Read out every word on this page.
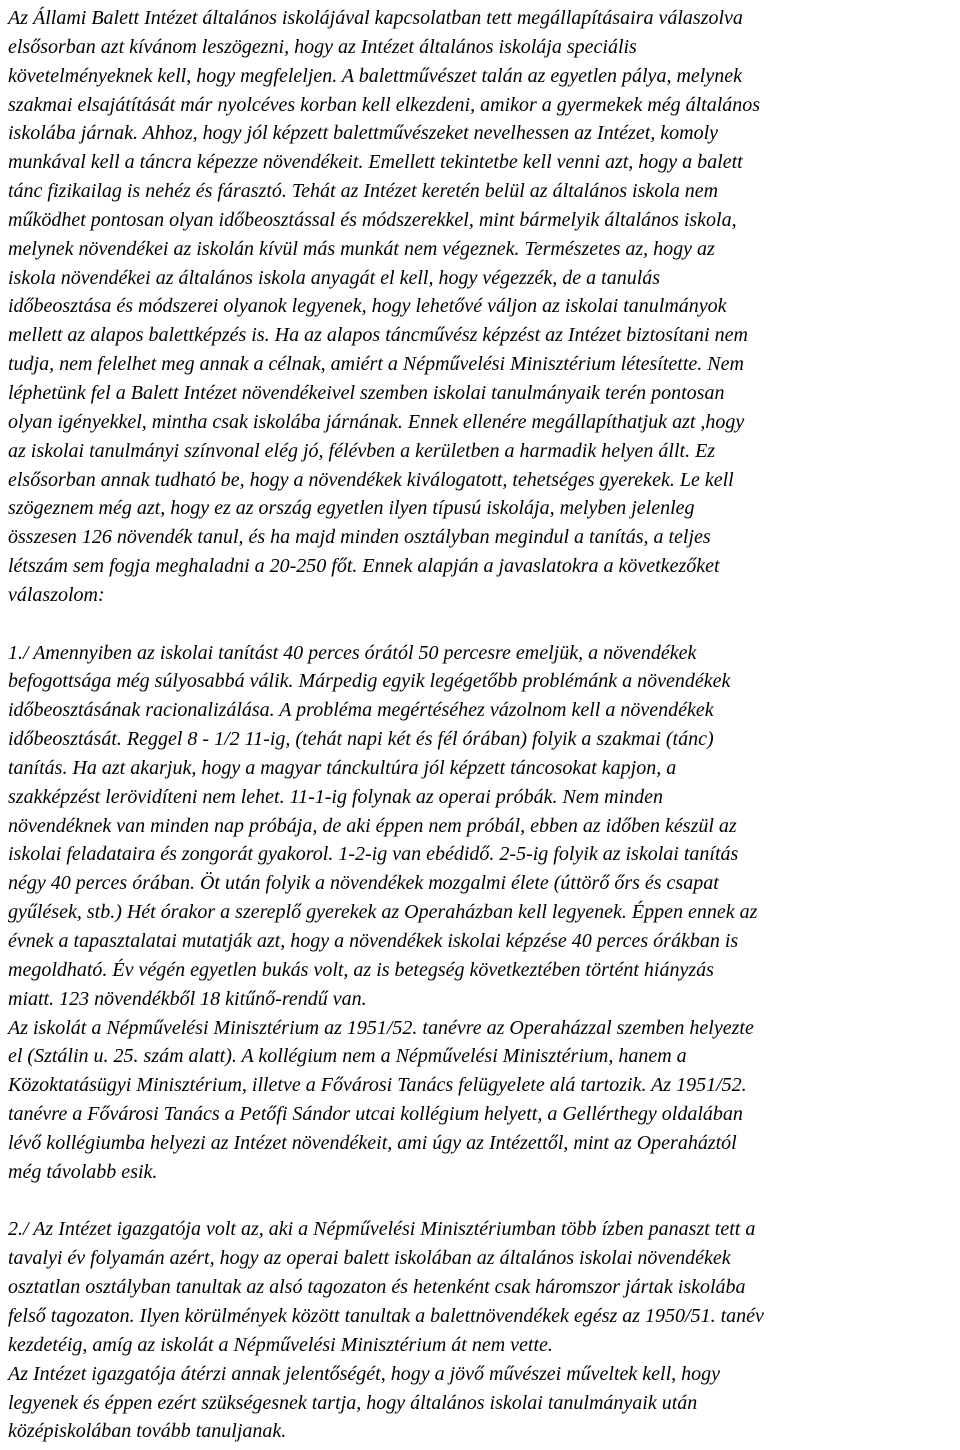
Az Állami Balett Intézet általános iskolájával kapcsolatban tett megállapításaira válaszolva
elsősorban azt kívánom leszögezni, hogy az Intézet általános iskolája speciális
követelményeknek kell, hogy megfeleljen. A balettművészet talán az egyetlen pálya, melynek
szakmai elsajátítását már nyolcéves korban kell elkezdeni, amikor a gyermekek még általános
iskolába járnak. Ahhoz, hogy jól képzett balettművészeket nevelhessen az Intézet, komoly
munkával kell a táncra képezze növendékeit. Emellett tekintetbe kell venni azt, hogy a balett
tánc fizikailag is nehéz és fárasztó. Tehát az Intézet keretén belül az általános iskola nem
működhet pontosan olyan időbeosztással és módszerekkel, mint bármelyik általános iskola,
melynek növendékei az iskolán kívül más munkát nem végeznek. Természetes az, hogy az
iskola növendékei az általános iskola anyagát el kell, hogy végezzék, de a tanulás
időbeosztása és módszerei olyanok legyenek, hogy lehetővé váljon az iskolai tanulmányok
mellett az alapos balettképzés is. Ha az alapos táncművész képzést az Intézet biztosítani nem
tudja, nem felelhet meg annak a célnak, amiért a Népművelési Minisztérium létesítette. Nem
léphetünk fel a Balett Intézet növendékeivel szemben iskolai tanulmányaik terén pontosan
olyan igényekkel, mintha csak iskolába járnának. Ennek ellenére megállapíthatjuk azt ,hogy
az iskolai tanulmányi színvonal elég jó, félévben a kerületben a harmadik helyen állt. Ez
elsősorban annak tudható be, hogy a növendékek kiválogatott, tehetséges gyerekek. Le kell
szögeznem még azt, hogy ez az ország egyetlen ilyen típusú iskolája, melyben jelenleg
összesen 126 növendék tanul, és ha majd minden osztályban megindul a tanítás, a teljes
létszám sem fogja meghaladni a 20-250 főt. Ennek alapján a javaslatokra a következőket
válaszolom:
1./ Amennyiben az iskolai tanítást 40 perces órától 50 percesre emeljük, a növendékek
befogottsága még súlyosabbá válik. Márpedig egyik legégetőbb problémánk a növendékek
időbeosztásának racionalizálása. A probléma megértéséhez vázolnom kell a növendékek
időbeosztását. Reggel 8 - 1/2 11-ig, (tehát napi két és fél órában) folyik a szakmai (tánc)
tanítás. Ha azt akarjuk, hogy a magyar tánckultúra jól képzett táncosokat kapjon, a
szakképzést lerövidíteni nem lehet. 11-1-ig folynak az operai próbák. Nem minden
növendéknek van minden nap próbája, de aki éppen nem próbál, ebben az időben készül az
iskolai feladataira és zongorát gyakorol. 1-2-ig van ebédidő. 2-5-ig folyik az iskolai tanítás
négy 40 perces órában. Öt után folyik a növendékek mozgalmi élete (úttörő őrs és csapat
gyűlések, stb.) Hét órakor a szereplő gyerekek az Operaházban kell legyenek. Éppen ennek az
évnek a tapasztalatai mutatják azt, hogy a növendékek iskolai képzése 40 perces órákban is
megoldható. Év végén egyetlen bukás volt, az is betegség következtében történt hiányzás
miatt. 123 növendékből 18 kitűnő-rendű van.
Az iskolát a Népművelési Minisztérium az 1951/52. tanévre az Operaházzal szemben helyezte
el (Sztálin u. 25. szám alatt). A kollégium nem a Népművelési Minisztérium, hanem a
Közoktatásügyi Minisztérium, illetve a Fővárosi Tanács felügyelete alá tartozik. Az 1951/52.
tanévre a Fővárosi Tanács a Petőfi Sándor utcai kollégium helyett, a Gellérthegy oldalában
lévő kollégiumba helyezi az Intézet növendékeit, ami úgy az Intézettől, mint az Operaháztól
még távolabb esik.
2./ Az Intézet igazgatója volt az, aki a Népművelési Minisztériumban több ízben panaszt tett a
tavalyi év folyamán azért, hogy az operai balett iskolában az általános iskolai növendékek
osztatlan osztályban tanultak az alsó tagozaton és hetenként csak háromszor jártak iskolába
felső tagozaton. Ilyen körülmények között tanultak a balettnövendékek egész az 1950/51. tanév
kezdetéig, amíg az iskolát a Népművelési Minisztérium át nem vette.
Az Intézet igazgatója átérzi annak jelentőségét, hogy a jövő művészei műveltek kell, hogy
legyenek és éppen ezért szükségesnek tartja, hogy általános iskolai tanulmányaik után
középiskolában tovább tanuljanak.
